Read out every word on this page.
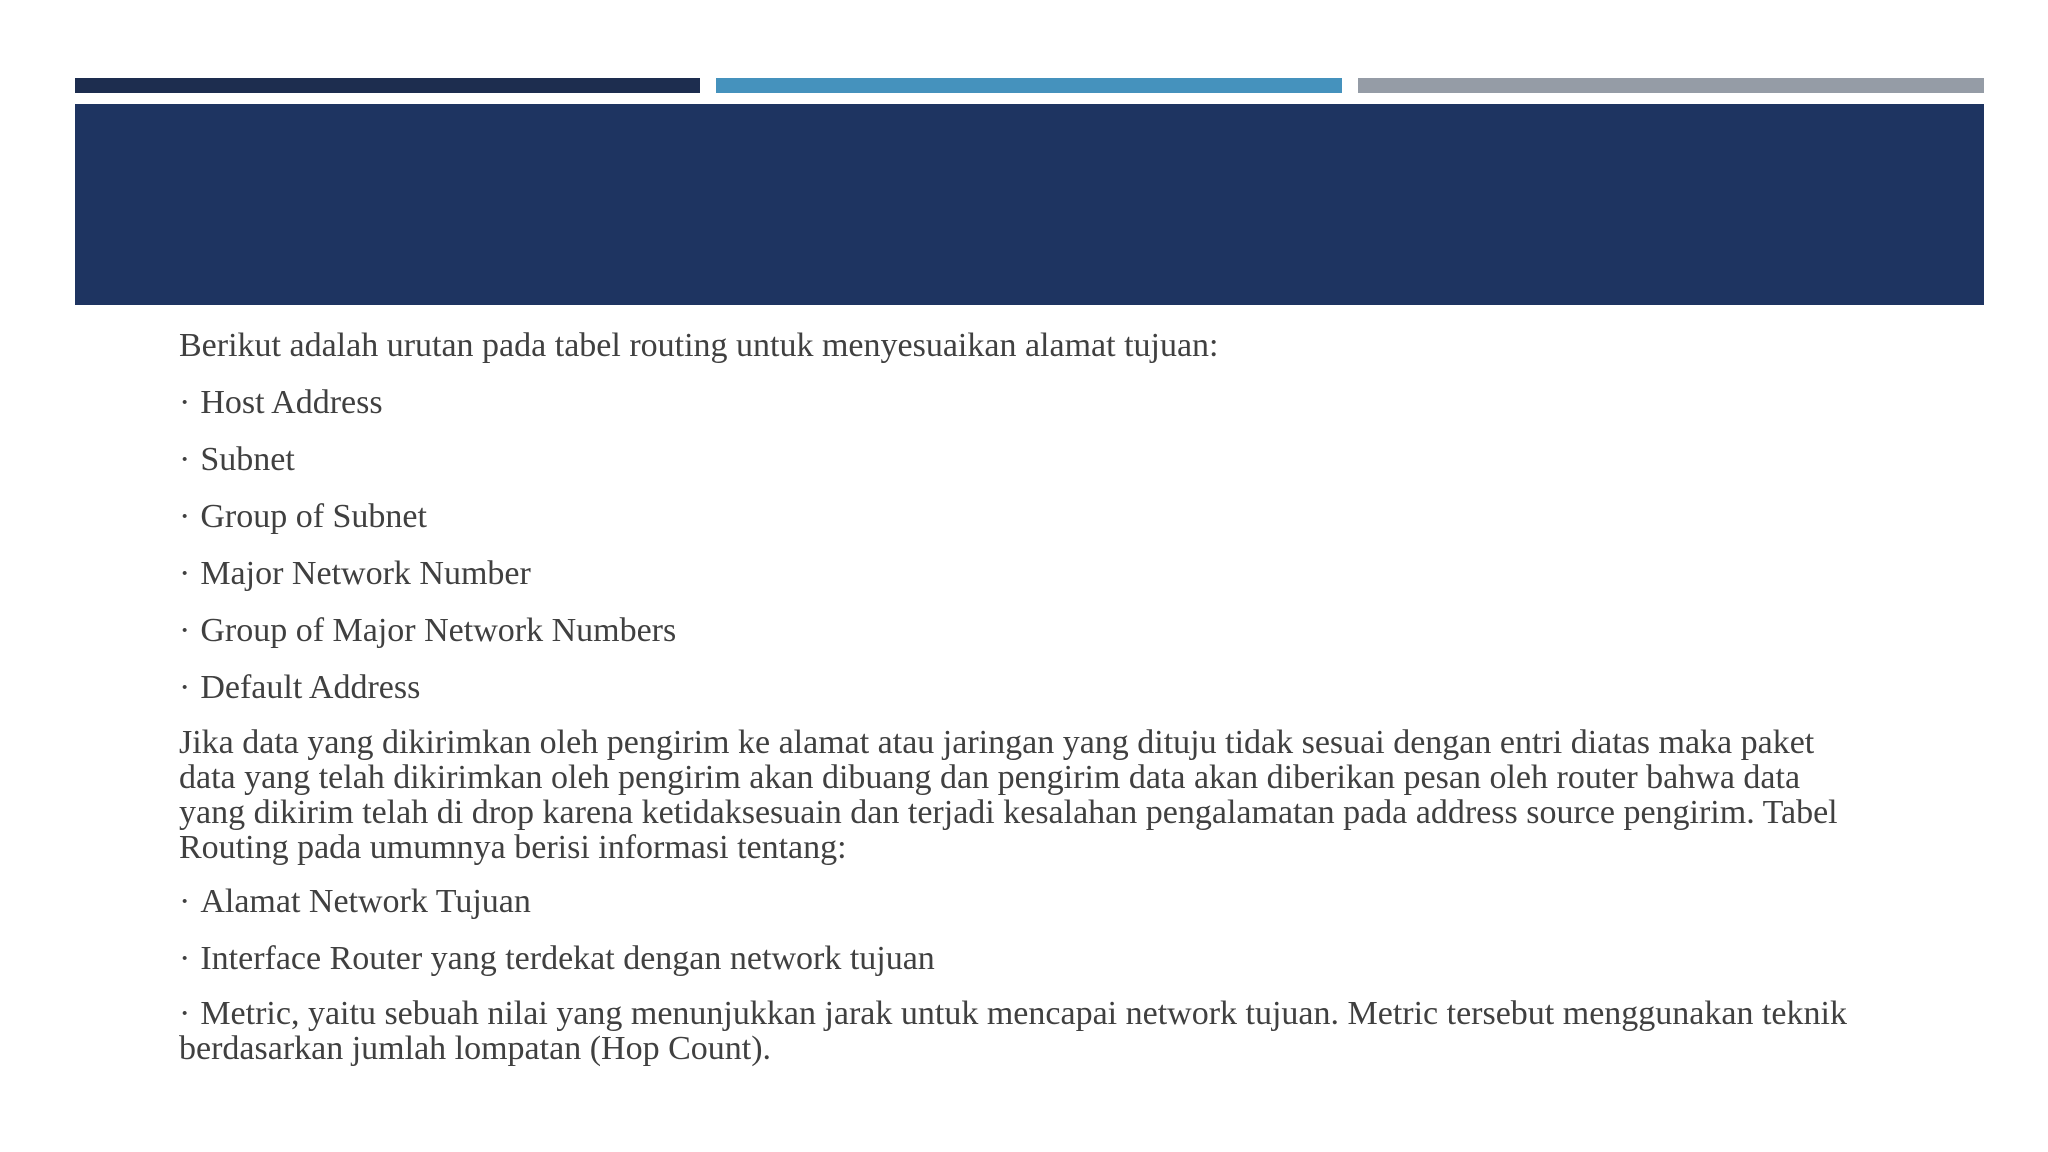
Berikut adalah urutan pada tabel routing untuk menyesuaikan alamat tujuan:

· Host Address

· Subnet

· Group of Subnet

· Major Network Number

· Group of Major Network Numbers

· Default Address

Jika data yang dikirimkan oleh pengirim ke alamat atau jaringan yang dituju tidak sesuai dengan entri diatas maka paket

data yang telah dikirimkan oleh pengirim akan dibuang dan pengirim data akan diberikan pesan oleh router bahwa data

yang dikirim telah di drop karena ketidaksesuain dan terjadi kesalahan pengalamatan pada address source pengirim. Tabel

Routing pada umumnya berisi informasi tentang:

· Alamat Network Tujuan

· Interface Router yang terdekat dengan network tujuan

· Metric, yaitu sebuah nilai yang menunjukkan jarak untuk mencapai network tujuan. Metric tersebut menggunakan teknik

berdasarkan jumlah lompatan (Hop Count).
